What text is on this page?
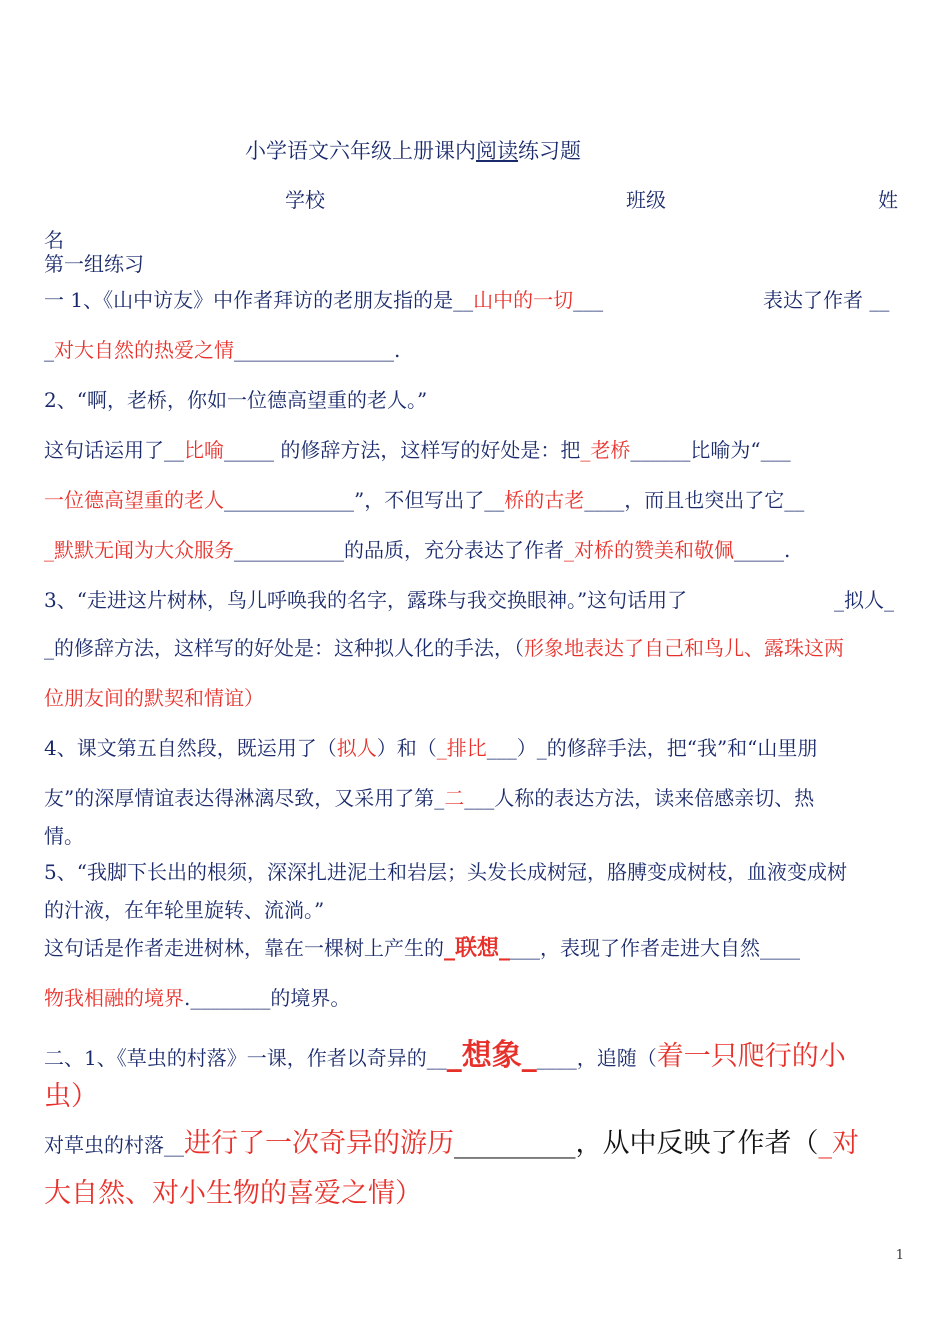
小学语文六年级上册课内阅读练习题
学校	班级	姓
名
第一组练习
一 1、《山中访友》中作者拜访的老朋友指的是__山中的一切___	表达了作者 __
_对大自然的热爱之情________________.
2、“啊，老桥，你如一位德高望重的老人。”
这句话运用了__比喻_____ 的修辞方法，这样写的好处是：把_老桥______比喻为“___
一位德高望重的老人_____________”，不但写出了__桥的古老____，而且也突出了它__
_默默无闻为大众服务___________的品质，充分表达了作者_对桥的赞美和敬佩_____.
3、“走进这片树林，鸟儿呼唤我的名字，露珠与我交换眼神。”这句话用了	_拟人_
_的修辞方法，这样写的好处是：这种拟人化的手法，（形象地表达了自己和鸟儿、露珠这两
位朋友间的默契和情谊）
4、课文第五自然段，既运用了（拟人）和（_排比___）_的修辞手法，把“我”和“山里朋
友”的深厚情谊表达得淋漓尽致，又采用了第_二___人称的表达方法，读来倍感亲切、热
情。
5、“我脚下长出的根须，深深扎进泥土和岩层；头发长成树冠，胳膊变成树枝，血液变成树
的汁液，在年轮里旋转、流淌。”
这句话是作者走进树林，靠在一棵树上产生的_联想____，表现了作者走进大自然____
物我相融的境界.________的境界。
二、1、《草虫的村落》一课，作者以奇异的___想象_____，追随（着一只爬行的小
虫）
对草虫的村落__进行了一次奇异的游历_________，从中反映了作者（_对
大自然、对小生物的喜爱之情）
1
